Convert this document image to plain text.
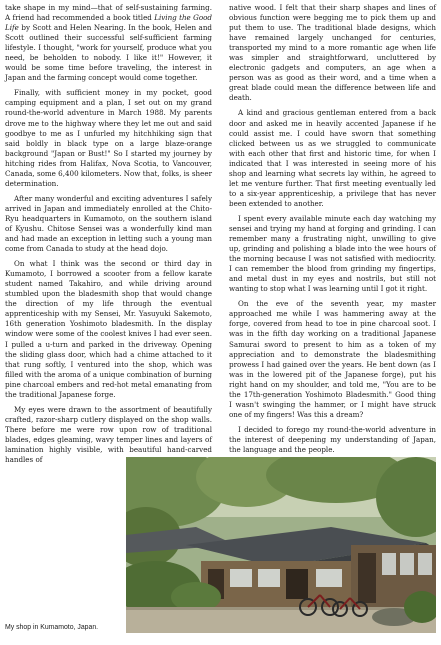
take shape in my mind—that of self-sustaining farming. A friend had recommended a book titled Living the Good Life by Scott and Helen Nearing. In the book, Helen and Scott outlined their successful self-sufficient farming lifestyle. I thought, "work for yourself, produce what you need, be beholden to nobody. I like it!" However, it would be some time before traveling, the interest in Japan and the farming concept would come together.

Finally, with sufficient money in my pocket, good camping equipment and a plan, I set out on my grand round-the-world adventure in March 1988. My parents drove me to the highway where they let me out and said goodbye to me as I unfurled my hitchhiking sign that said boldly in black type on a large blaze-orange background "Japan or Bust!" So I started my journey by hitching rides from Halifax, Nova Scotia, to Vancouver, Canada, some 6,400 kilometers. Now that, folks, is sheer determination.

After many wonderful and exciting adventures I safely arrived in Japan and immediately enrolled at the Chito-Ryu headquarters in Kumamoto, on the southern island of Kyushu. Chitose Sensei was a wonderfully kind man and had made an exception in letting such a young man come from Canada to study at the head dojo.

On what I think was the second or third day in Kumamoto, I borrowed a scooter from a fellow karate student named Takahiro, and while driving around stumbled upon the bladesmith shop that would change the direction of my life through the eventual apprenticeship with my Sensei, Mr. Yasuyuki Sakemoto, 16th generation Yoshimoto bladesmith. In the display window were some of the coolest knives I had ever seen. I pulled a u-turn and parked in the driveway. Opening the sliding glass door, which had a chime attached to it that rung softly, I ventured into the shop, which was filled with the aroma of a unique combination of burning pine charcoal embers and red-hot metal emanating from the traditional Japanese forge.

My eyes were drawn to the assortment of beautifully crafted, razor-sharp cutlery displayed on the shop walls. There before me were row upon row of traditional blades, edges gleaming, wavy temper lines and layers of lamination highly visible, with beautiful hand-carved handles of

native wood. I felt that their sharp shapes and lines of obvious function were begging me to pick them up and put them to use. The traditional blade designs, which have remained largely unchanged for centuries, transported my mind to a more romantic age when life was simpler and straightforward, uncluttered by electronic gadgets and computers, an age when a person was as good as their word, and a time when a great blade could mean the difference between life and death.

A kind and gracious gentleman entered from a back door and asked me in heavily accented Japanese if he could assist me. I could have sworn that something clicked between us as we struggled to communicate with each other that first and historic time, for when I indicated that I was interested in seeing more of his shop and learning what secrets lay within, he agreed to let me venture further. That first meeting eventually led to a six-year apprenticeship, a privilege that has never been extended to another.

I spent every available minute each day watching my sensei and trying my hand at forging and grinding. I can remember many a frustrating night, unwilling to give up, grinding and polishing a blade into the wee hours of the morning because I was not satisfied with mediocrity. I can remember the blood from grinding my fingertips, and metal dust in my eyes and nostrils, but still not wanting to stop what I was learning until I got it right.

On the eve of the seventh year, my master approached me while I was hammering away at the forge, covered from head to toe in pine charcoal soot. I was in the fifth day working on a traditional Japanese Samurai sword to present to him as a token of my appreciation and to demonstrate the bladesmithing prowess I had gained over the years. He bent down (as I was in the lowered pit of the Japanese forge), put his right hand on my shoulder, and told me, "You are to be the 17th-generation Yoshimoto Bladesmith." Good thing I wasn't swinging the hammer, or I might have struck one of my fingers! Was this a dream?

I decided to forego my round-the-world adventure in the interest of deepening my understanding of Japan, the language and the people.

My shop in Kumamoto, Japan.
